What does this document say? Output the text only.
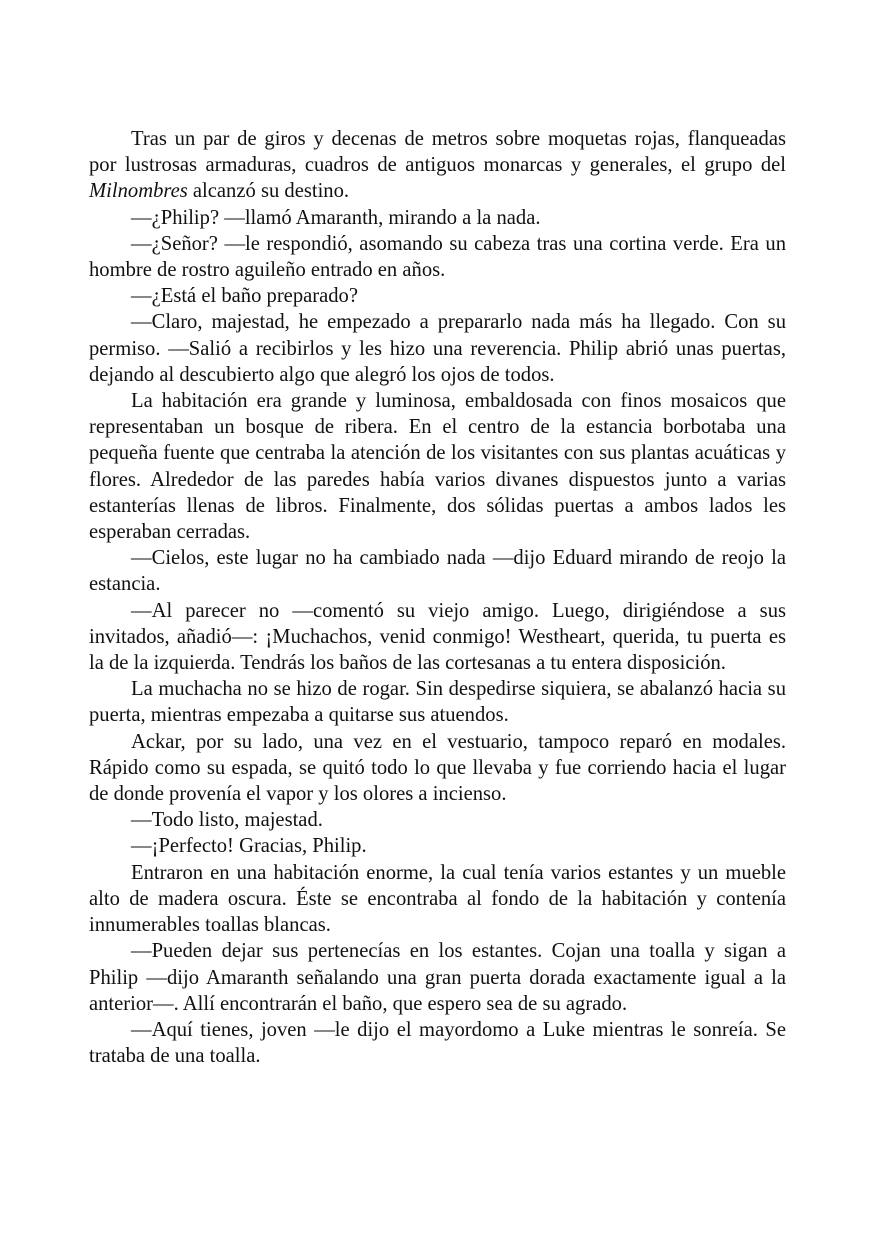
Tras un par de giros y decenas de metros sobre moquetas rojas, flanqueadas por lustrosas armaduras, cuadros de antiguos monarcas y generales, el grupo del Milnombres alcanzó su destino.

—¿Philip? —llamó Amaranth, mirando a la nada.

—¿Señor? —le respondió, asomando su cabeza tras una cortina verde. Era un hombre de rostro aguileño entrado en años.

—¿Está el baño preparado?

—Claro, majestad, he empezado a prepararlo nada más ha llegado. Con su permiso. —Salió a recibirlos y les hizo una reverencia. Philip abrió unas puertas, dejando al descubierto algo que alegró los ojos de todos.

La habitación era grande y luminosa, embaldosada con finos mosaicos que representaban un bosque de ribera. En el centro de la estancia borbotaba una pequeña fuente que centraba la atención de los visitantes con sus plantas acuáticas y flores. Alrededor de las paredes había varios divanes dispuestos junto a varias estanterías llenas de libros. Finalmente, dos sólidas puertas a ambos lados les esperaban cerradas.

—Cielos, este lugar no ha cambiado nada —dijo Eduard mirando de reojo la estancia.

—Al parecer no —comentó su viejo amigo. Luego, dirigiéndose a sus invitados, añadió—: ¡Muchachos, venid conmigo! Westheart, querida, tu puerta es la de la izquierda. Tendrás los baños de las cortesanas a tu entera disposición.

La muchacha no se hizo de rogar. Sin despedirse siquiera, se abalanzó hacia su puerta, mientras empezaba a quitarse sus atuendos.

Ackar, por su lado, una vez en el vestuario, tampoco reparó en modales. Rápido como su espada, se quitó todo lo que llevaba y fue corriendo hacia el lugar de donde provenía el vapor y los olores a incienso.

—Todo listo, majestad.

—¡Perfecto! Gracias, Philip.

Entraron en una habitación enorme, la cual tenía varios estantes y un mueble alto de madera oscura. Éste se encontraba al fondo de la habitación y contenía innumerables toallas blancas.

—Pueden dejar sus pertenecías en los estantes. Cojan una toalla y sigan a Philip —dijo Amaranth señalando una gran puerta dorada exactamente igual a la anterior—. Allí encontrarán el baño, que espero sea de su agrado.

—Aquí tienes, joven —le dijo el mayordomo a Luke mientras le sonreía. Se trataba de una toalla.
